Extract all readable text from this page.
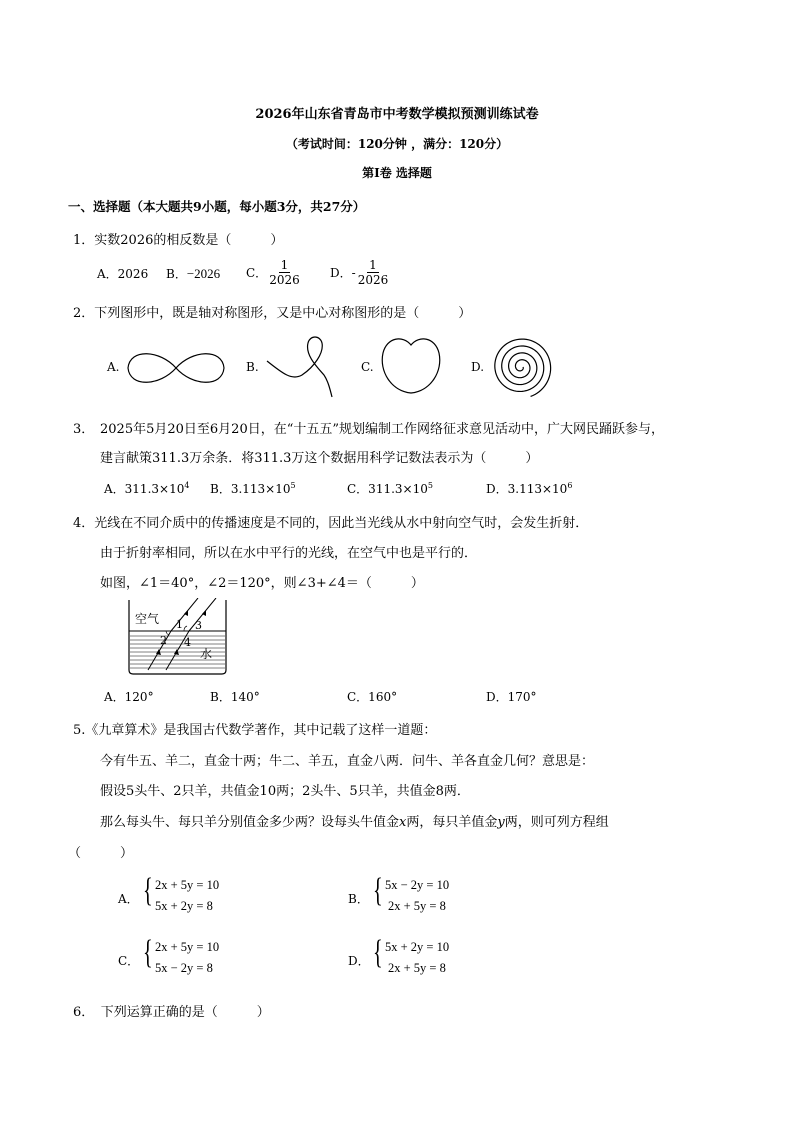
2026年山东省青岛市中考数学模拟预测训练试卷
（考试时间：120分钟 ，满分：120分）
第Ⅰ卷 选择题
一、选择题（本大题共9小题，每小题3分，共27分）
1．实数2026的相反数是（　　　）
A．2026 B．−2026 C． $\frac{1}{2026}$ D．- $\frac{1}{2026}$
2．下列图形中，既是轴对称图形，又是中心对称图形的是（　　　）
A.	B.	C.	D.
3． 2025年5月20日至6月20日，在“十五五”规划编制工作网络征求意见活动中，广大网民踊跃参与，
建言献策311.3万余条．将311.3万这个数据用科学记数法表示为（　　　）
A．$311.3\times 10^4$ B．$3.113\times 10^5$	C．$311.3\times 10^5$	D．$3.113\times 10^6$
4．光线在不同介质中的传播速度是不同的，因此当光线从水中射向空气时，会发生折射．
由于折射率相同，所以在水中平行的光线，在空气中也是平行的．
如图，∠1＝40°，∠2＝120°，则∠3+∠4＝（　　　）
空气
水
1
2
3
4
A．120°	B．140°	C．160°	D．170°
5.《九章算术》是我国古代数学著作，其中记载了这样一道题：
今有牛五、羊二，直金十两；牛二、羊五，直金八两．问牛、羊各直金几何？意思是：
假设5头牛、2只羊，共值金10两；2头牛、5只羊，共值金8两．
那么每头牛、每只羊分别值金多少两？设每头牛值金x两，每只羊值金y两，则可列方程组
（　　　）
A． { 2x + 5y = 10
5x + 2y = 8	B． { 5x − 2y = 10
2x + 5y = 8
C． { 2x + 5y = 10
5x − 2y = 8	D． { 5x + 2y = 10
2x + 5y = 8
6．　下列运算正确的是（　　　）
